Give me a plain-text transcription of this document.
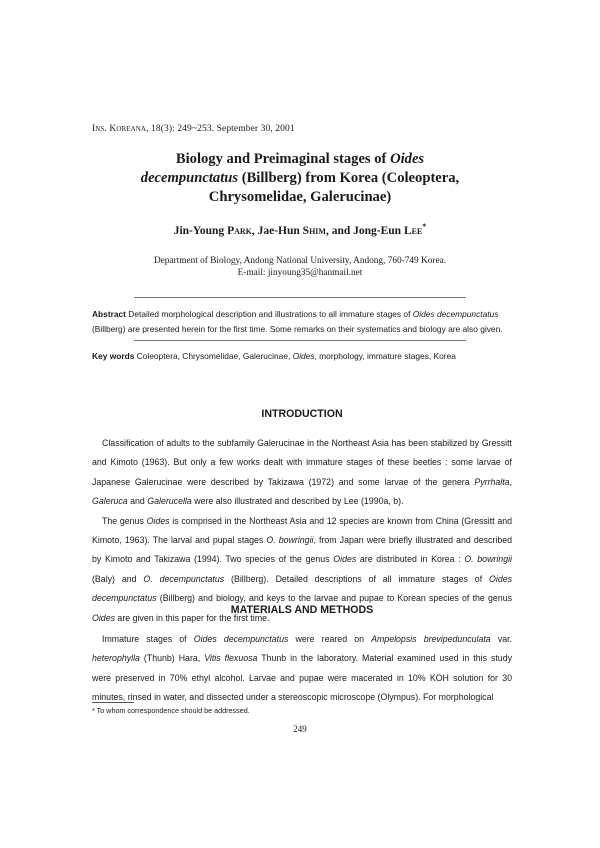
Ins. Koreana, 18(3): 249~253. September 30, 2001
Biology and Preimaginal stages of Oides
decempunctatus (Billberg) from Korea (Coleoptera,
Chrysomelidae, Galerucinae)
Jin-Young Park, Jae-Hun Shim, and Jong-Eun Lee*
Department of Biology, Andong National University, Andong, 760-749 Korea.
E-mail: jinyoung35@hanmail.net
Abstract Detailed morphological description and illustrations to all immature stages of Oides decempunctatus (Billberg) are presented herein for the first time. Some remarks on their systematics and biology are also given.
Key words Coleoptera, Chrysomelidae, Galerucinae, Oides, morphology, immature stages, Korea
INTRODUCTION

Classification of adults to the subfamily Galerucinae in the Northeast Asia has been stabilized by Gressitt and Kimoto (1963). But only a few works dealt with immature stages of these beetles : some larvae of Japanese Galerucinae were described by Takizawa (1972) and some larvae of the genera Pyrrhalta, Galeruca and Galerucella were also illustrated and described by Lee (1990a, b).

The genus Oides is comprised in the Northeast Asia and 12 species are known from China (Gressitt and Kimoto, 1963). The larval and pupal stages O. bowringii, from Japan were briefly illustrated and described by Kimoto and Takizawa (1994). Two species of the genus Oides are distributed in Korea : O. bowringii (Baly) and O. decempunctatus (Billberg). Detailed descriptions of all immature stages of Oides decempunctatus (Billberg) and biology, and keys to the larvae and pupae to Korean species of the genus Oides are given in this paper for the first time.

MATERIALS AND METHODS

Immature stages of Oides decempunctatus were reared on Ampelopsis brevipedunculata var. heterophylla (Thunb) Hara, Vitis flexuosa Thunb in the laboratory. Material examined used in this study were preserved in 70% ethyl alcohol. Larvae and pupae were macerated in 10% KOH solution for 30 minutes, rinsed in water, and dissected under a stereoscopic microscope (Olympus). For morphological

* To whom correspondence should be addressed.
249
